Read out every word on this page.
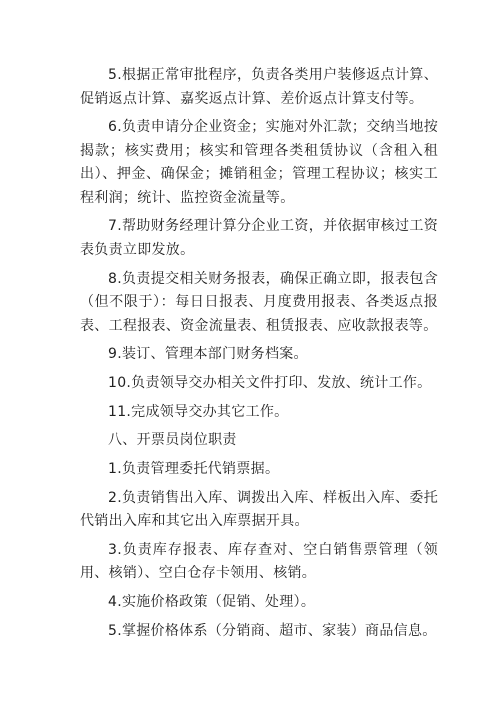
5.根据正常审批程序，负责各类用户装修返点计算、促销返点计算、嘉奖返点计算、差价返点计算支付等。

6.负责申请分企业资金；实施对外汇款；交纳当地按揭款；核实费用；核实和管理各类租赁协议（含租入租出）、押金、确保金；摊销租金；管理工程协议；核实工程利润；统计、监控资金流量等。

7.帮助财务经理计算分企业工资，并依据审核过工资表负责立即发放。

8.负责提交相关财务报表，确保正确立即，报表包含（但不限于）：每日日报表、月度费用报表、各类返点报表、工程报表、资金流量表、租赁报表、应收款报表等。

9.装订、管理本部门财务档案。

10.负责领导交办相关文件打印、发放、统计工作。

11.完成领导交办其它工作。

八、开票员岗位职责

1.负责管理委托代销票据。

2.负责销售出入库、调拨出入库、样板出入库、委托代销出入库和其它出入库票据开具。

3.负责库存报表、库存查对、空白销售票管理（领用、核销）、空白仓存卡领用、核销。

4.实施价格政策（促销、处理）。

5.掌握价格体系（分销商、超市、家装）商品信息。
